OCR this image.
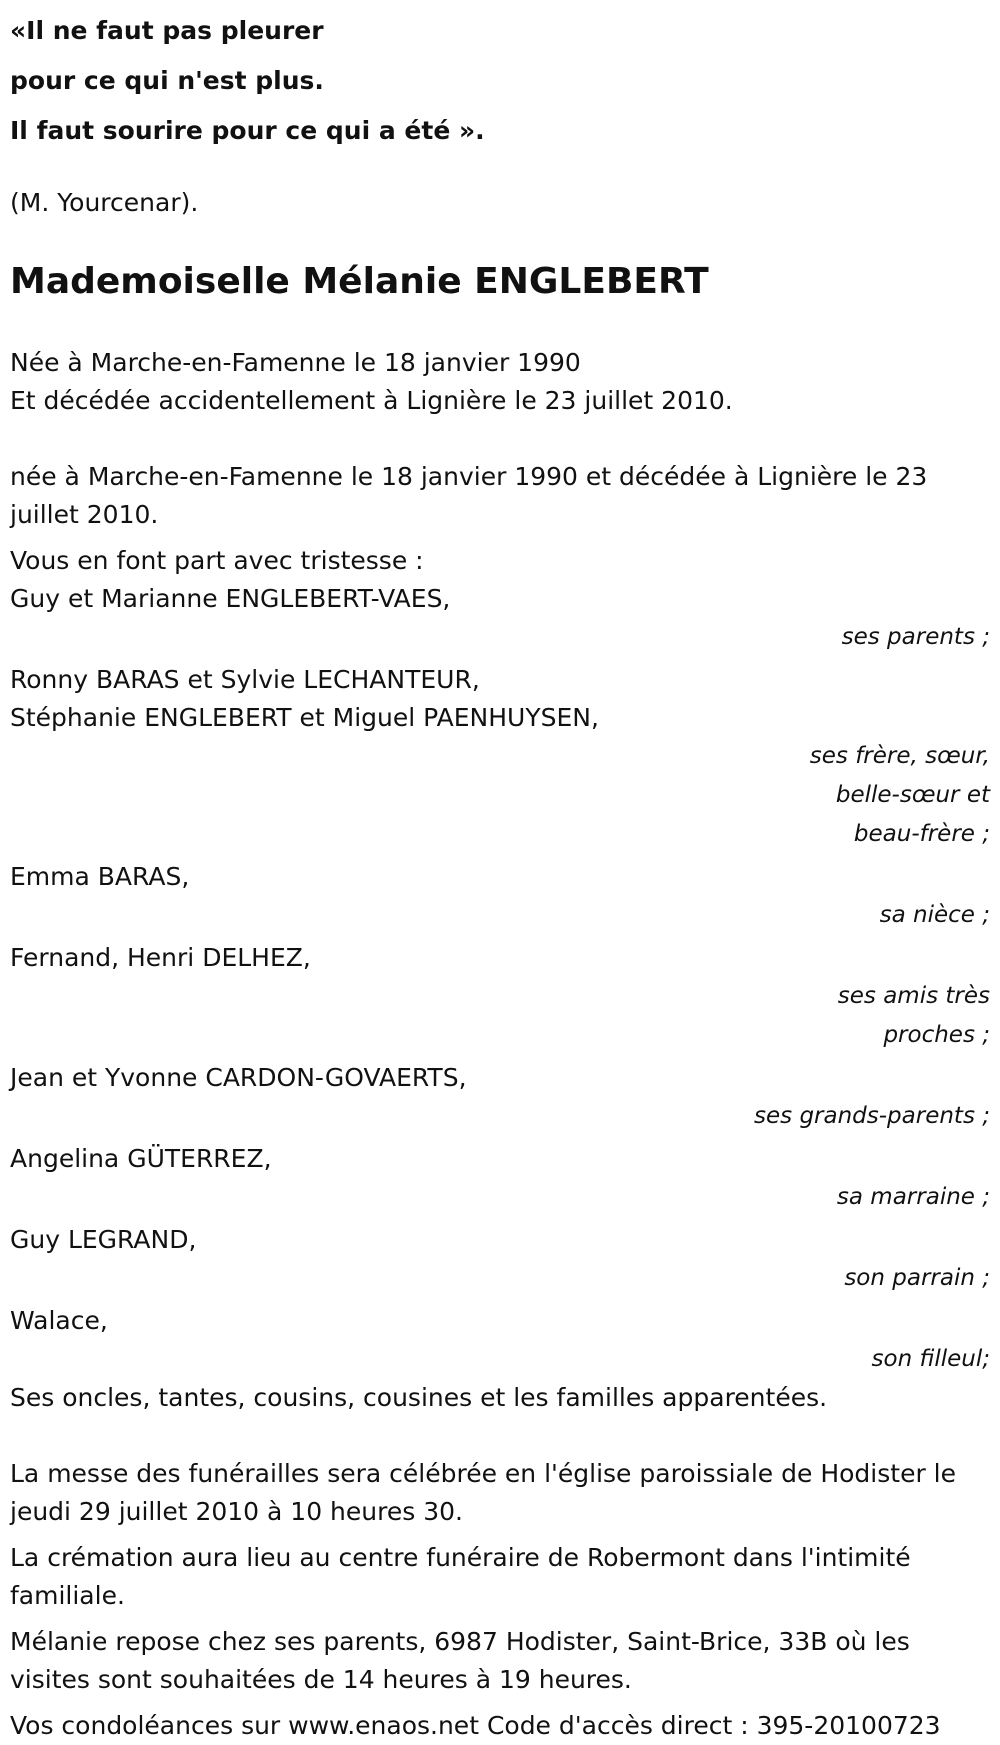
«Il ne faut pas pleurer

pour ce qui n'est plus.

Il faut sourire pour ce qui a été ».

(M. Yourcenar).

Mademoiselle Mélanie ENGLEBERT

Née à Marche-en-Famenne le 18 janvier 1990

Et décédée accidentellement à Lignière le 23 juillet 2010.

née à Marche-en-Famenne le 18 janvier 1990 et décédée à Lignière le 23 juillet 2010.

Vous en font part avec tristesse :

Guy et Marianne ENGLEBERT-VAES,

ses parents ;

Ronny BARAS et Sylvie LECHANTEUR,

Stéphanie ENGLEBERT et Miguel PAENHUYSEN,

ses frère, sœur,
belle-sœur et
beau-frère ;

Emma BARAS,

sa nièce ;

Fernand, Henri DELHEZ,

ses amis très
proches ;

Jean et Yvonne CARDON-GOVAERTS,

ses grands-parents ;

Angelina GÜTERREZ,

sa marraine ;

Guy LEGRAND,

son parrain ;

Walace,

son filleul;

Ses oncles, tantes, cousins, cousines et les familles apparentées.

La messe des funérailles sera célébrée en l'église paroissiale de Hodister le jeudi 29 juillet 2010 à 10 heures 30.

La crémation aura lieu au centre funéraire de Robermont dans l'intimité familiale.

Mélanie repose chez ses parents, 6987 Hodister, Saint-Brice, 33B où les visites sont souhaitées de 14 heures à 19 heures.

Vos condoléances sur www.enaos.net Code d'accès direct : 395-20100723
